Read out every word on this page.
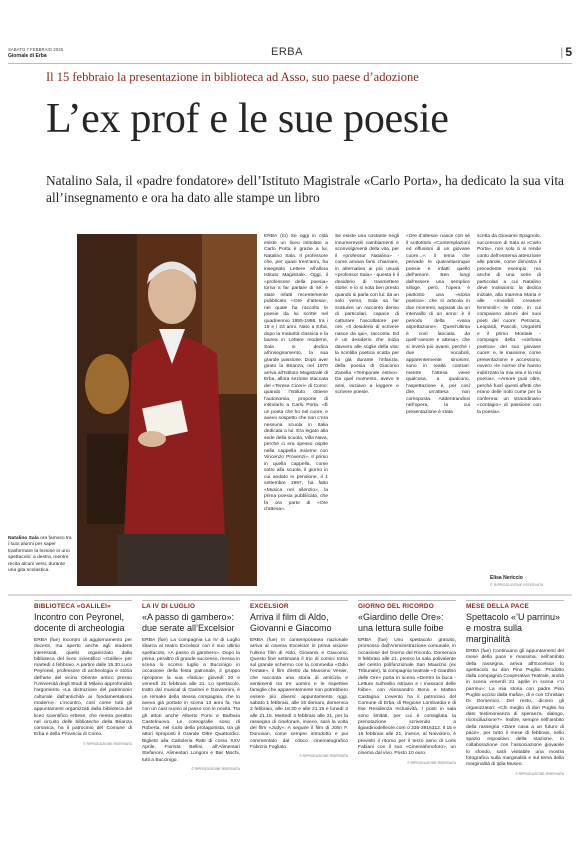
SABATO 7 FEBBRAIO 2026
Giornale di Erba	ERBA	| 5
Il 15 febbraio la presentazione in biblioteca ad Asso, suo paese d’adozione
L’ex prof e le sue poesie
Natalino Sala, il «padre fondatore» dell’Istituto Magistrale «Carlo Porta», ha dedicato la sua vita all’insegnamento e ora ha dato alle stampe un libro
Natalino Sala ora famoso tra i suoi alunni per saper trasformare la lezione in uno spettacolo: a destra, mentre recita alcuni versi, durante una gita scolastica.
ERBA (ro) Se oggi in città esiste un liceo intitolato a Carlo Porta è grazie a lui, Natalino Sala. Il professore che, per quasi trent’anni, ha insegnato Lettere all’allora Istituto Magistrale. Oggi, il «professore della poesia» torna a far parlare di sé: è stato infatti recentemente pubblicato «Ore d’attesa», nel quale ha raccolto le poesie da lui scritte nel quadriennio 1955-1958, tra i 19 e i 23 anni. Nato a Erba, dopo la maturità classica e la laurea in Lettere moderne, Sala si dedica all’insegnamento, la sua grande passione. Dopo aver girato la Brianza, nel 1970 arriva all’Istituto Magistrale di Erba, allora sezione staccata del «Teresa Ciceri» di Como: quando l’Istituto ottiene l’autonomia, propone di intitolarlo a Carlo Porta. «È un poeta che ho nel cuore, e avevo sospetto che non c’era nessuna scuola in Italia dedicata a lui. Era legato alla sede della scuola, Villa Nava, perché ci era spesso ospite nella cappella insieme con Vincenzo Provenzi». Il primo in quella cappella, come sotto alla scuola, il giorno in cui andato in pensione, il 1 settembre 1997, ha fatto «Musica nel silenzio», la prima poesia pubblicata, che fa ora parte di «Ore d’attesa».
Se esiste una costante negli innumerevoli cambiamenti e sconvolgimenti della vita, per il «professor Natalino» - come amava farsi chiamare, in alternativa ai più usuali «professor Sala» - questa è il desiderio di trasmettere storie: e lo si nota ben presto quando si parla con lui: da un solo verso, Sala sa far scaturire un racconto denso di particolari, capace di catturare l’ascoltatore per ore. «Il desiderio di scrivere nasce da qui», racconta. Ed è un desiderio che inizia davvero alle soglie della vita: la scintilla poetica scatta per lui già durante l’infanzia, della poesia di Giacomo Zanella «Temporale estivo». Da quel momento, avevo 9 anni, iniziavo a leggere e scrivere poesie.
«Ore d’attesa» nasce con sé il sottotitolo «Contemplazioni ed effusioni di un giovane cuore...»: il tema che pervade le quarantacinque poesie è infatti quello dell’amore. Ben lungi dall’essere una semplice silloge, però, l’opera è piuttosto una «storia poetica», che si articola in due momenti, separati da un intervallo di un anno: è il periodo della «vana aspettazione». Quest’ultima è così lanciata da quell’«amore e attesa», che si inverà più avanti, perché i due vocaboli, apparentemente sinonimi, sono in realtà contrari: mentre l’attesa viene qualcosa, a qualcuno, l’aspettazione è, per così dire, un’attesa non corrisposta. Addentrandosi nell’opera, la cui presentazione è stata
scritta da Giovanni Spagnolo, successore di Sala al «Carlo Porta», non solo ci si rende conto dell’estrema attenzione alle parole, come dimostra il precedente esempio, ma anche di una serie di particolari a cui Natalino deve molissimo: la dedica iniziale, alla mamma Maria e alle «invisibili creature femminili»; le note, in cui compaiono alcuni dei suoi poeti del cuore: Petrarca, Leopardi, Pascoli, Ungaretti e il primo Montale - compagni della «sinfonia poetica» del suo giovane cuore: e, le massime, come presentazione e accessorio, ovvero «le norme che hanno indirizzato la mia vita e la mia poesia». «Amore puoi oltre, perché fuori questi affetti che erano delle notti come per la conferma: un straordinario «contagio» di passione con la poesia».
Elisa Nericcio
© RIPRODUZIONE RISERVATA
BIBLIOTECA «GALILEI»
Incontro con Peyronel, docente di archeologia
ERBA (fue) Incontro di aggiornamento per docenti, ma aperto anche agli studenti interessati, quello organizzato dalla biblioteca del liceo scientifico «Galilei» per martedì 4 febbraio. A partire dalle 15.30 Luca Peyronel, professore di archeologia e storia dell’arte del vicino Oriente antico presso l’Università degli Studi di Milano approfondirà l’argomento «La distruzione del patrimonio culturale dall’antichità ai fondamentalismi moderni». L’incontro, così come tutti gli appuntamenti organizzati dalla biblioteca del liceo scientifico erbese, che rientra peraltro nel circuito delle biblioteche della Brianza comasca, ha il patrocinio del Comune di Erba e della Provincia di Como.
© RIPRODUZIONE RISERVATA
LA IV DI LUGLIO
«A passo di gambero»: due serate all’Excelsior
ERBA (fue) La compagnia La IV di Luglio sbarca al teatro Excelsior con il suo ultimo spettacolo, «A passo di gambero». Dopo la prima, peraltro di grande successo, messa in scena lo scorso luglio a Buccinigo in occasione della festa patronale, il gruppo ripropone la sua «fatica» giovedì 20 e venerdì 21 febbraio alle 21. Lo spettacolo, tratto dal musical di Garinei e Giovannini, è un remake della stessa compagnia, che lo aveva già portato in scena 13 anni fa, ma con un cast nuovo al passo con le novità. Tra gli attori anche Alberto Forni e Barbara Castelnuovo. Le coreografie sono di Roberta, nel ruolo della protagonista, tra gli attori riproposti il Grande Oltre Quattordici. Biglietti alla Cartoleria Ratti di corso XXV Aprile, Fiorista Bellini, all’Alimentari Stefanoni, Alimentari Longoni e Bar Mochi, tutti a Buccinigo.
© RIPRODUZIONE RISERVATA
EXCELSIOR
Arriva il film di Aldo, Giovanni e Giacomo
ERBA (fue) In contemporanea nazionale arriva al cinema Excelsior in prima visione l’ultimo film di Aldo, Giovanni e Giacomo. Questo fine settimana il trio di comici torna sul grande schermo con la commedia «Odio l’estate», il film diretto da Massimo Venier, che racconta una storia di amicizia e sentimenti tra tre uomini e le rispettive famiglie che apparentemente non potrebbero essere più diversi: appuntamento oggi, sabato 1 febbraio, alle 16 domani, domenica 2 febbraio, alle 18.30 e alle 21.15 e lunedì 3 alle 21.15. Martedì 4 febbraio alle 21, per la rassegna di cineforum, invece, sarà la volta del film «Judy». A seguire il film di John F. Donovan, come sempre introdotto e poi commentato dal critico cinematografico Fabrizio Fogliato.
© RIPRODUZIONE RISERVATA
GIORNO DEL RICORDO
«Giardino delle Ore»: una lettura sulle foibe
ERBA (fue) Uno spettacolo gratuito, promosso dall’Amministrazione comunale, in occasione del Giorno del Ricordo. Domenica 9 febbraio alle 21, presso la sala polivalente del centro polifunzionale San Maurizio (ex Tribunale), la compagnia teatrale «Il Giardino delle Ore» porta in scena «Dentro la buca - Letture sull’esilio istriano e i massacri delle foibe», con Alessandro Bono e Matteo Castagna. L’evento ha il patrocinio del Comune di Erba, di Regione Lombardia e di Ilse Residenza Inclusività. I posti in sala sono limitati, per cui è consigliata la prenotazione scrivendo a ilgiardinodelleore.com o 335-3916312. Il 15 e 16 febbraio alle 21, invece, al Noivoloro, è previsto il ritorno per il terzo anno di Loris Fabiani con il suo «Cinemafonoforo», un cinema dal vivo. Posto 10 euro.
© RIPRODUZIONE RISERVATA
MESE DELLA PACE
Spettacolo «’U parrinu» e mostra sulla marginalità
ERBA (fue) Continuano gli appuntamenti del mese della pace e massima, nell’ambito della rassegna, arriva all’Excelsior lo spettacolo su don Pino Puglisi. Prodotto dalla compagnia Cooperativa Teatrale, andrà in scena venerdì 21 aprile in scena «’U parrinu»: La mia storia con padre Pino Puglisi ucciso dalla mafia», di e con Christian Di Domenico. Del resto, dicono gli organizzatori: «Chi meglio di don Puglisi ha dato testimonianza di speranza, dialogo, riconciliazione?». Inoltre, sempre nell’ambito della rassegna «Dare casa a un futuro di pace», per tutto il mese di febbraio, nello spazio espositivo della stazione, in collaborazione con l’associazione giovanile lo sfondo, sarà visitabile una mostra fotografica sulla marginalità e sul tema della marginalità di Ijdia Museo.
© RIPRODUZIONE RISERVATA
